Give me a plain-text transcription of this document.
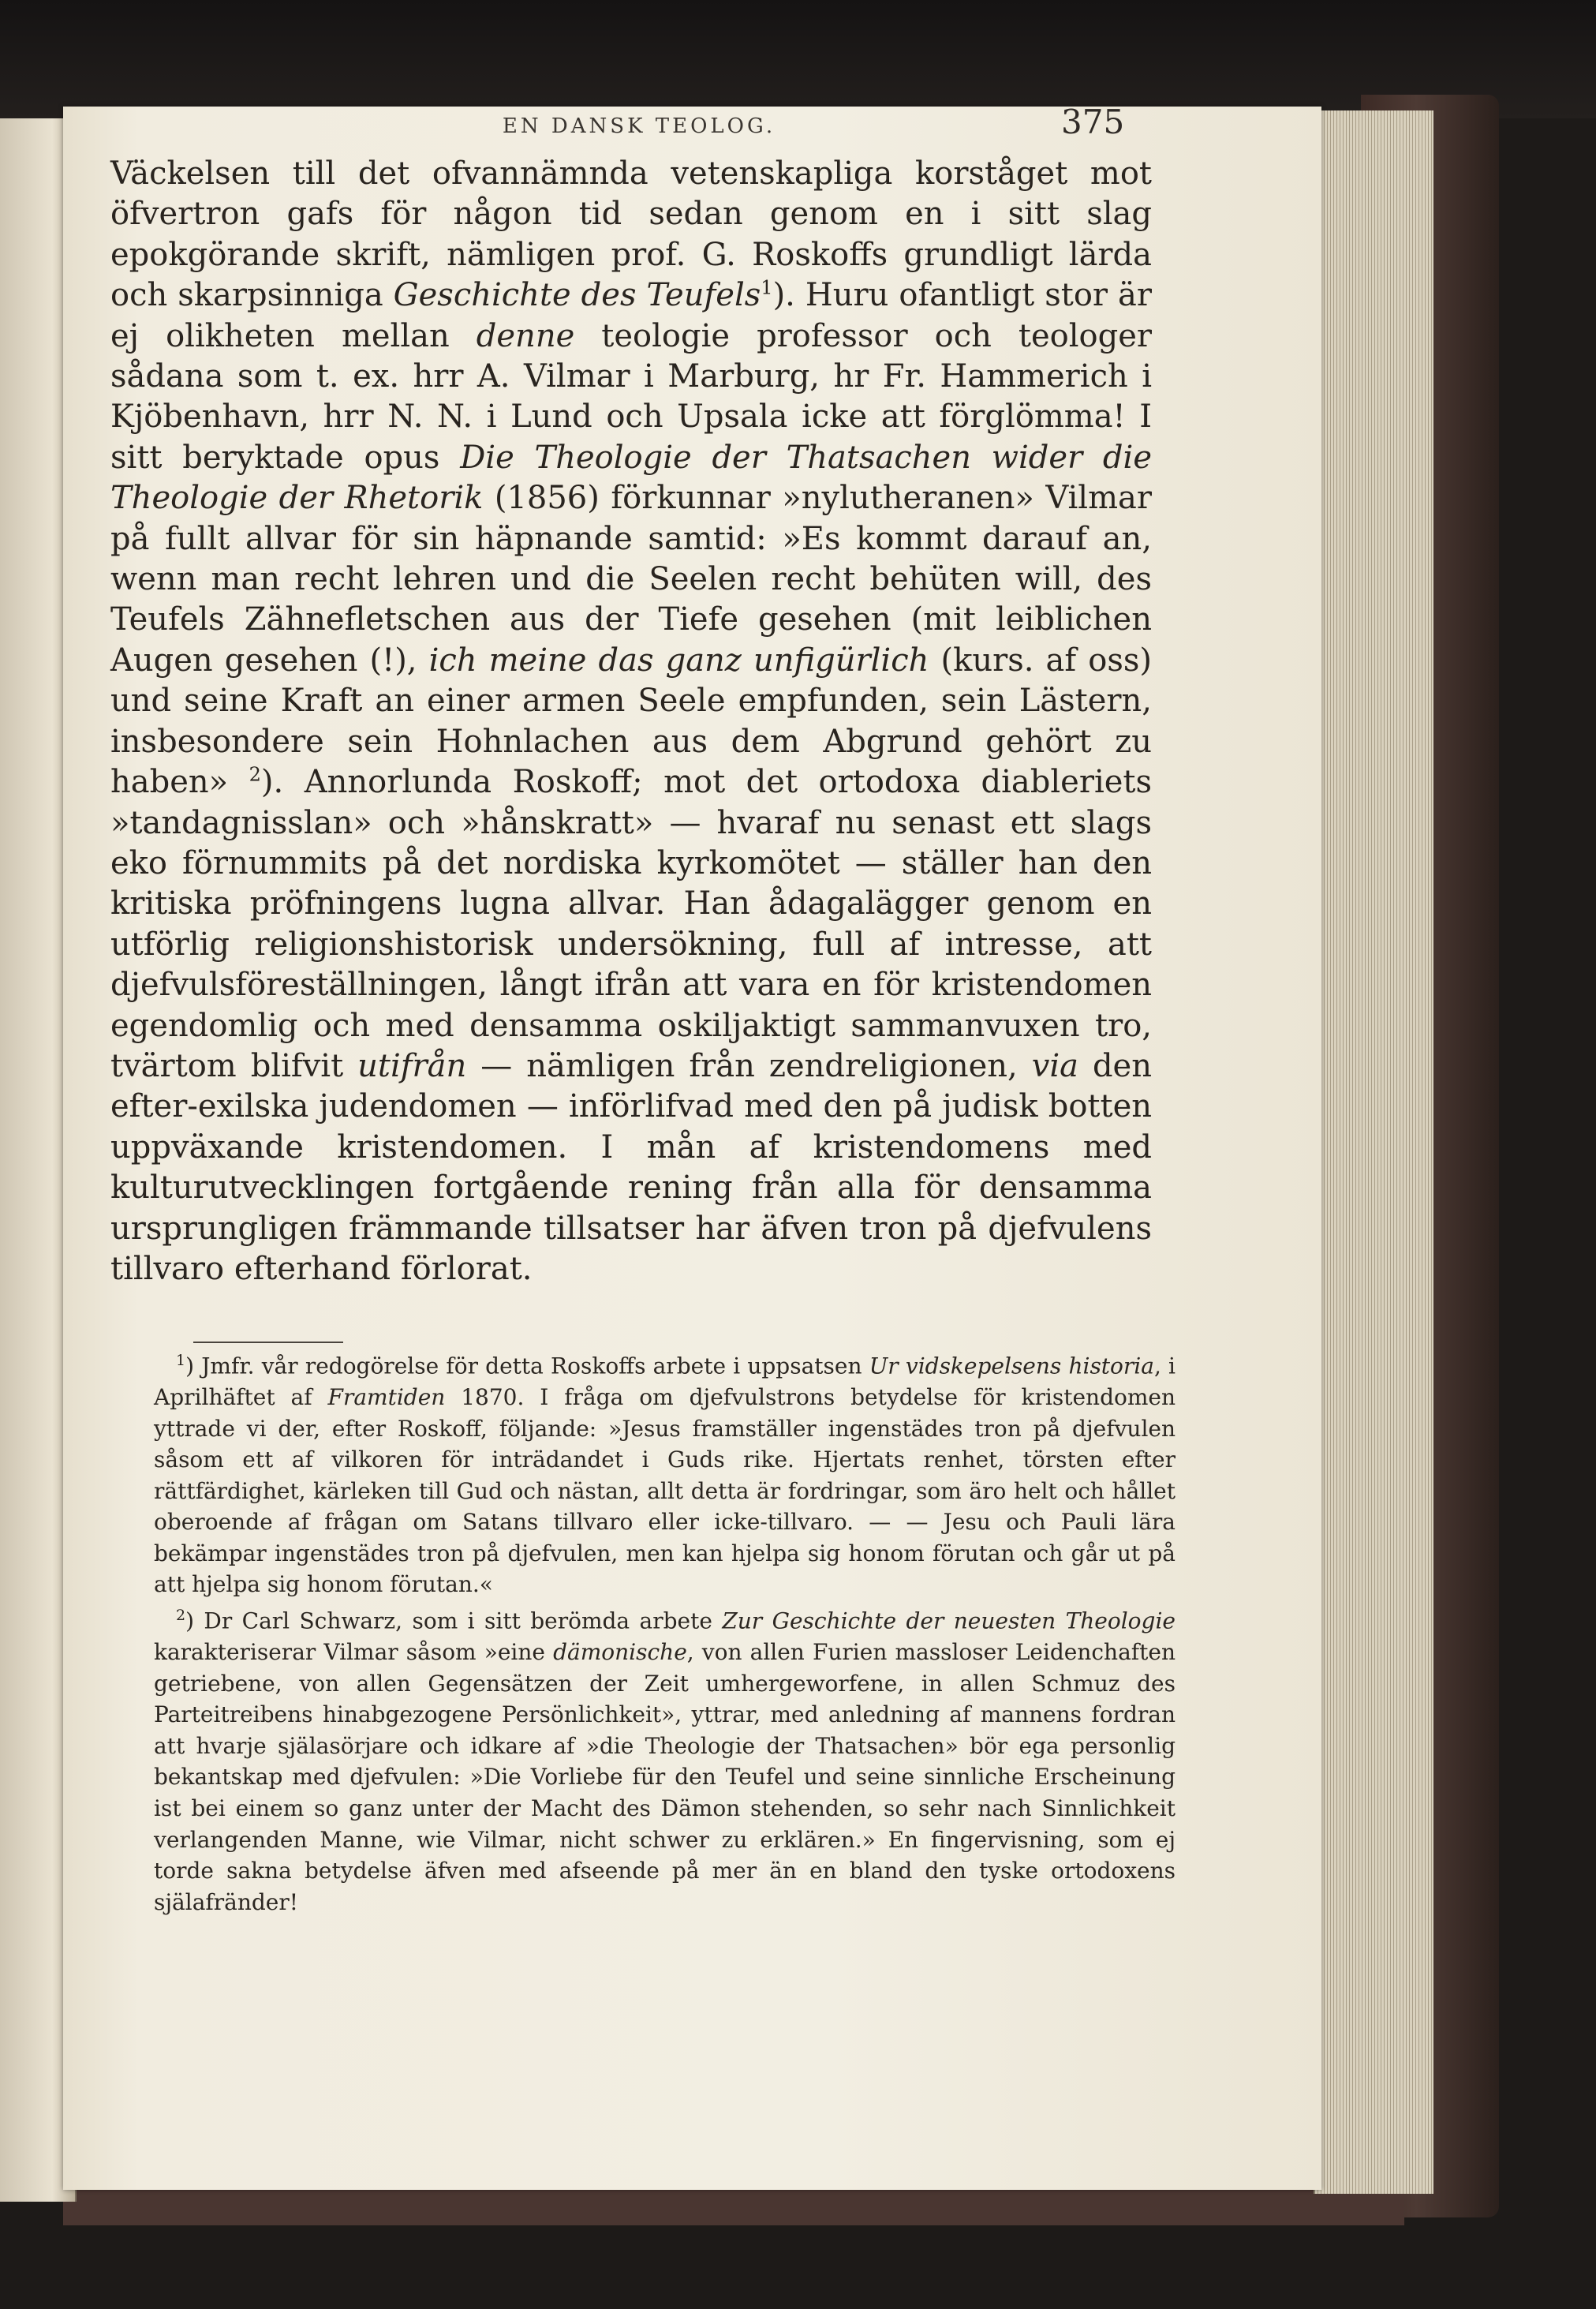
EN DANSK TEOLOG.	375

Väckelsen till det ofvannämnda vetenskapliga korståget mot öfvertron gafs för någon tid sedan genom en i sitt slag epokgörande skrift, nämligen prof. G. Roskoffs grundligt lärda och skarpsinniga Geschichte des Teufels$^1$). Huru ofantligt stor är ej olikheten mellan denne teologie professor och teologer sådana som t. ex. hrr A. Vilmar i Marburg, hr Fr. Hammerich i Kjöbenhavn, hrr N. N. i Lund och Upsala icke att förglömma! I sitt beryktade opus Die Theologie der Thatsachen wider die Theologie der Rhetorik (1856) förkunnar »nylutheranen» Vilmar på fullt allvar för sin häpnande samtid: »Es kommt darauf an, wenn man recht lehren und die Seelen recht behüten will, des Teufels Zähnefletschen aus der Tiefe gesehen (mit leiblichen Augen gesehen (!), ich meine das ganz unfigürlich (kurs. af oss) und seine Kraft an einer armen Seele empfunden, sein Lästern, insbesondere sein Hohnlachen aus dem Abgrund gehört zu haben» $^2$). Annorlunda Roskoff; mot det ortodoxa diableriets »tandagnisslan» och »hånskratt» — hvaraf nu senast ett slags eko förnummits på det nordiska kyrkomötet — ställer han den kritiska pröfningens lugna allvar. Han ådagalägger genom en utförlig religionshistorisk undersökning, full af intresse, att djefvulsföreställningen, långt ifrån att vara en för kristendomen egendomlig och med densamma oskiljaktigt sammanvuxen tro, tvärtom blifvit utifrån — nämligen från zendreligionen, via den efter-exilska judendomen — införlifvad med den på judisk botten uppväxande kristendomen. I mån af kristendomens med kulturutvecklingen fortgående rening från alla för densamma ursprungligen främmande tillsatser har äfven tron på djefvulens tillvaro efterhand förlorat.

$^1$) Jmfr. vår redogörelse för detta Roskoffs arbete i uppsatsen Ur vidskepelsens historia, i Aprilhäftet af Framtiden 1870. I fråga om djefvulstrons betydelse för kristendomen yttrade vi der, efter Roskoff, följande: »Jesus framställer ingenstädes tron på djefvulen såsom ett af vilkoren för inträdandet i Guds rike. Hjertats renhet, törsten efter rättfärdighet, kärleken till Gud och nästan, allt detta är fordringar, som äro helt och hållet oberoende af frågan om Satans tillvaro eller icke-tillvaro. — — Jesu och Pauli lära bekämpar ingenstädes tron på djefvulen, men kan hjelpa sig honom förutan och går ut på att hjelpa sig honom förutan.«

$^2$) Dr Carl Schwarz, som i sitt berömda arbete Zur Geschichte der neuesten Theologie karakteriserar Vilmar såsom »eine dämonische, von allen Furien massloser Leidenchaften getriebene, von allen Gegensätzen der Zeit umhergeworfene, in allen Schmuz des Parteitreibens hinabgezogene Persönlichkeit», yttrar, med anledning af mannens fordran att hvarje själasörjare och idkare af »die Theologie der Thatsachen» bör ega personlig bekantskap med djefvulen: »Die Vorliebe für den Teufel und seine sinnliche Erscheinung ist bei einem so ganz unter der Macht des Dämon stehenden, so sehr nach Sinnlichkeit verlangenden Manne, wie Vilmar, nicht schwer zu erklären.» En fingervisning, som ej torde sakna betydelse äfven med afseende på mer än en bland den tyske ortodoxens själafränder!
